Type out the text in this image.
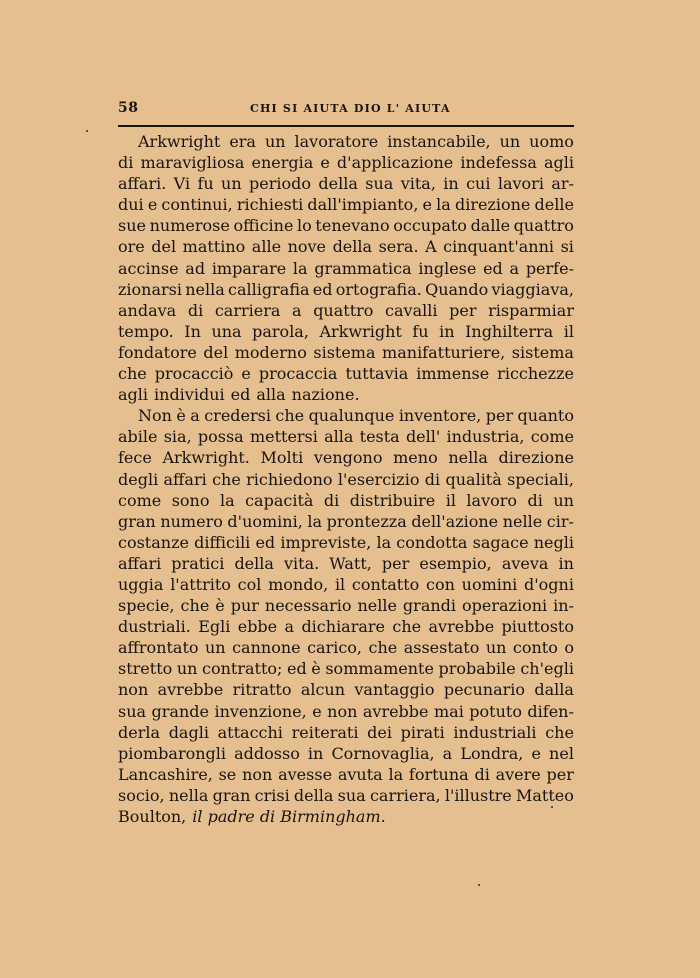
58	CHI SI AIUTA DIO L' AIUTA
Arkwright era un lavoratore instancabile, un uomo
di maravigliosa energia e d'applicazione indefessa agli
affari. Vi fu un periodo della sua vita, in cui lavori ar-
dui e continui, richiesti dall'impianto, e la direzione delle
sue numerose officine lo tenevano occupato dalle quattro
ore del mattino alle nove della sera. A cinquant'anni si
accinse ad imparare la grammatica inglese ed a perfe-
zionarsi nella calligrafia ed ortografia. Quando viaggiava,
andava di carriera a quattro cavalli per risparmiar
tempo. In una parola, Arkwright fu in Inghilterra il
fondatore del moderno sistema manifatturiere, sistema
che procacciò e procaccia tuttavia immense ricchezze
agli individui ed alla nazione.
Non è a credersi che qualunque inventore, per quanto
abile sia, possa mettersi alla testa dell' industria, come
fece Arkwright. Molti vengono meno nella direzione
degli affari che richiedono l'esercizio di qualità speciali,
come sono la capacità di distribuire il lavoro di un
gran numero d'uomini, la prontezza dell'azione nelle cir-
costanze difficili ed impreviste, la condotta sagace negli
affari pratici della vita. Watt, per esempio, aveva in
uggia l'attrito col mondo, il contatto con uomini d'ogni
specie, che è pur necessario nelle grandi operazioni in-
dustriali. Egli ebbe a dichiarare che avrebbe piuttosto
affrontato un cannone carico, che assestato un conto o
stretto un contratto; ed è sommamente probabile ch'egli
non avrebbe ritratto alcun vantaggio pecunario dalla
sua grande invenzione, e non avrebbe mai potuto difen-
derla dagli attacchi reiterati dei pirati industriali che
piombarongli addosso in Cornovaglia, a Londra, e nel
Lancashire, se non avesse avuta la fortuna di avere per
socio, nella gran crisi della sua carriera, l'illustre Matteo
Boulton, il padre di Birmingham.
